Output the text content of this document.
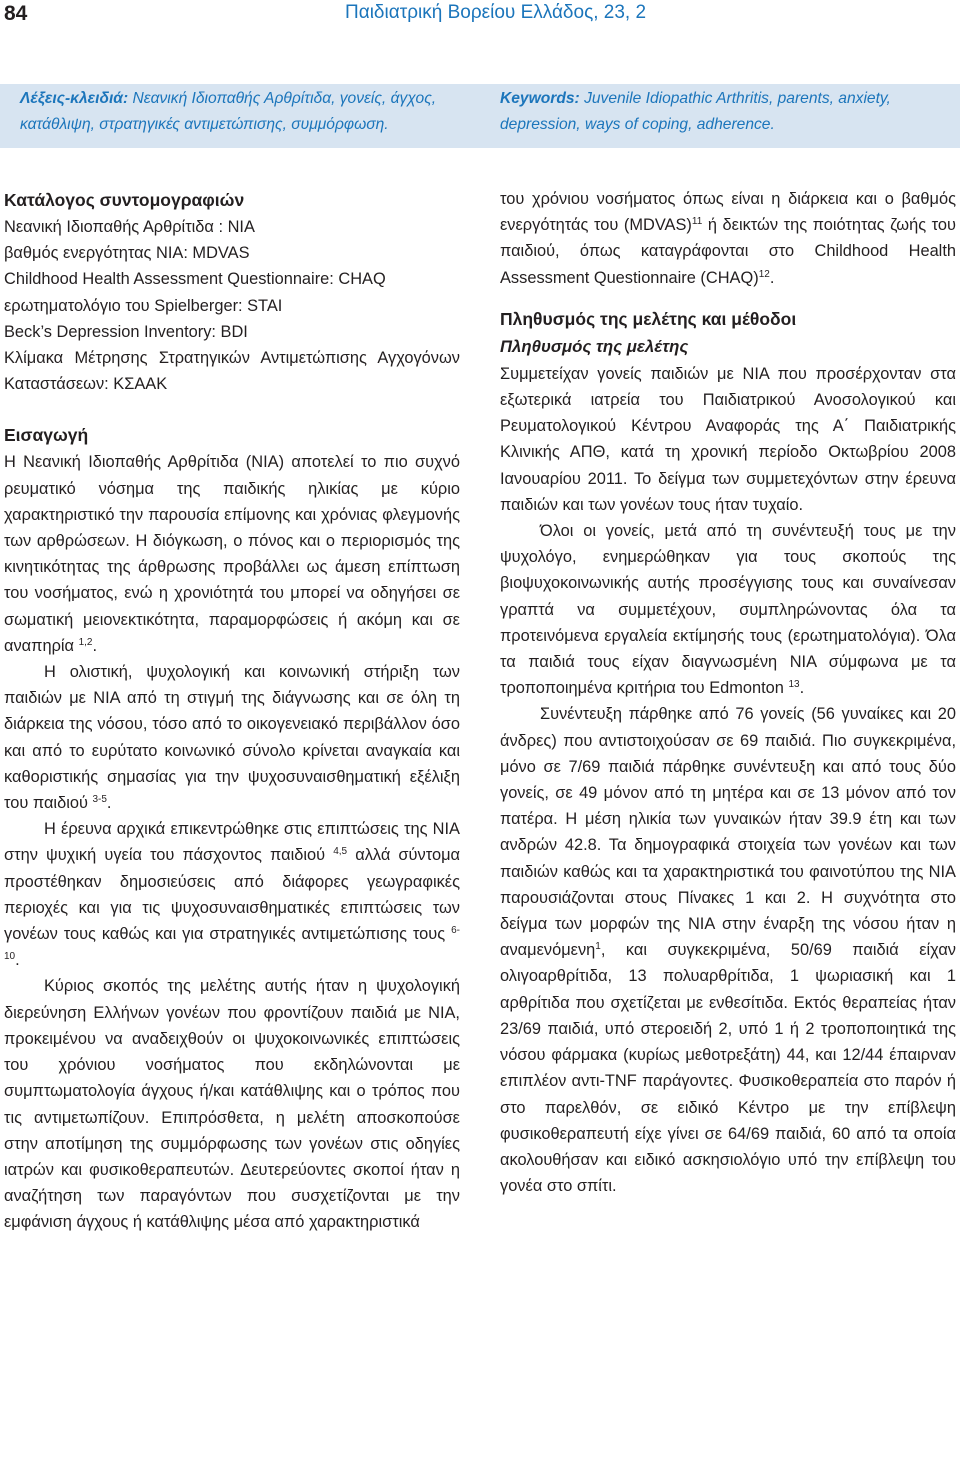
84	Παιδιατρική Βορείου Ελλάδος, 23, 2
Λέξεις-κλειδιά: Νεανική Ιδιοπαθής Αρθρίτιδα, γονείς, άγχος, κατάθλιψη, στρατηγικές αντιμετώπισης, συμμόρφωση.
Keywords: Juvenile Idiopathic Arthritis, parents, anxiety, depression, ways of coping, adherence.

Κατάλογος συντομογραφιών

Νεανική Ιδιοπαθής Αρθρίτιδα : ΝΙΑ

βαθμός ενεργότητας ΝΙΑ: MDVAS

Childhood Health Assessment Questionnaire: CHAQ

ερωτηματολόγιο του Spielberger: STAI

Beck’s Depression Inventory: BDI

Κλίμακα Μέτρησης Στρατηγικών Αντιμετώπισης Αγχογόνων Καταστάσεων: ΚΣΑΑΚ

Εισαγωγή

Η Νεανική Ιδιοπαθής Αρθρίτιδα (ΝΙΑ) αποτελεί το πιο συχνό ρευματικό νόσημα της παιδικής ηλικίας με κύριο χαρακτηριστικό την παρουσία επίμονης και χρόνιας φλεγμονής των αρθρώσεων. Η διόγκωση, ο πόνος και ο περιορισμός της κινητικότητας της άρθρωσης προβάλλει ως άμεση επίπτωση του νοσήματος, ενώ η χρονιότητά του μπορεί να οδηγήσει σε σωματική μειονεκτικότητα, παραμορφώσεις ή ακόμη και σε αναπηρία $^{1,2}$.

Η ολιστική, ψυχολογική και κοινωνική στήριξη των παιδιών με ΝΙΑ από τη στιγμή της διάγνωσης και σε όλη τη διάρκεια της νόσου, τόσο από το οικογενειακό περιβάλλον όσο και από το ευρύτατο κοινωνικό σύνολο κρίνεται αναγκαία και καθοριστικής σημασίας για την ψυχοσυναισθηματική εξέλιξη του παιδιού $^{3-5}$.

Η έρευνα αρχικά επικεντρώθηκε στις επιπτώσεις της ΝΙΑ στην ψυχική υγεία του πάσχοντος παιδιού $^{4,5}$ αλλά σύντομα προστέθηκαν δημοσιεύσεις από διάφορες γεωγραφικές περιοχές και για τις ψυχοσυναισθηματικές επιπτώσεις των γονέων τους καθώς και για στρατηγικές αντιμετώπισης τους $^{6-10}$.

Κύριος σκοπός της μελέτης αυτής ήταν η ψυχολογική διερεύνηση Ελλήνων γονέων που φροντίζουν παιδιά με ΝΙΑ, προκειμένου να αναδειχθούν οι ψυχοκοινωνικές επιπτώσεις του χρόνιου νοσήματος που εκδηλώνονται με συμπτωματολογία άγχους ή/και κατάθλιψης και ο τρόπος που τις αντιμετωπίζουν. Επιπρόσθετα, η μελέτη αποσκοπούσε στην αποτίμηση της συμμόρφωσης των γονέων στις οδηγίες ιατρών και φυσικοθεραπευτών. Δευτερεύοντες σκοποί ήταν η αναζήτηση των παραγόντων που συσχετίζονται με την εμφάνιση άγχους ή κατάθλιψης μέσα από χαρακτηριστικά

του χρόνιου νοσήματος όπως είναι η διάρκεια και ο βαθμός ενεργότητάς του (MDVAS)$^{11}$ ή δεικτών της ποιότητας ζωής του παιδιού, όπως καταγράφονται στο Childhood Health Assessment Questionnaire (CHAQ)$^{12}$.

Πληθυσμός της μελέτης και μέθοδοι

Πληθυσμός της μελέτης

Συμμετείχαν γονείς παιδιών με ΝΙΑ που προσέρχονταν στα εξωτερικά ιατρεία του Παιδιατρικού Ανοσολογικού και Ρευματολογικού Κέντρου Αναφοράς της Α΄ Παιδιατρικής Κλινικής ΑΠΘ, κατά τη χρονική περίοδο Οκτωβρίου 2008 Ιανουαρίου 2011. Το δείγμα των συμμετεχόντων στην έρευνα παιδιών και των γονέων τους ήταν τυχαίο.

Όλοι οι γονείς, μετά από τη συνέντευξή τους με την ψυχολόγο, ενημερώθηκαν για τους σκοπούς της βιοψυχοκοινωνικής αυτής προσέγγισης τους και συναίνεσαν γραπτά να συμμετέχουν, συμπληρώνοντας όλα τα προτεινόμενα εργαλεία εκτίμησής τους (ερωτηματολόγια). Όλα τα παιδιά τους είχαν διαγνωσμένη ΝΙΑ σύμφωνα με τα τροποποιημένα κριτήρια του Edmonton $^{13}$.

Συνέντευξη πάρθηκε από 76 γονείς (56 γυναίκες και 20 άνδρες) που αντιστοιχούσαν σε 69 παιδιά. Πιο συγκεκριμένα, μόνο σε 7/69 παιδιά πάρθηκε συνέντευξη και από τους δύο γονείς, σε 49 μόνον από τη μητέρα και σε 13 μόνον από τον πατέρα. Η μέση ηλικία των γυναικών ήταν 39.9 έτη και των ανδρών 42.8. Τα δημογραφικά στοιχεία των γονέων και των παιδιών καθώς και τα χαρακτηριστικά του φαινοτύπου της ΝΙΑ παρουσιάζονται στους Πίνακες 1 και 2. Η συχνότητα στο δείγμα των μορφών της ΝΙΑ στην έναρξη της νόσου ήταν η αναμενόμενη$^1$, και συγκεκριμένα, 50/69 παιδιά είχαν ολιγοαρθρίτιδα, 13 πολυαρθρίτιδα, 1 ψωριασική και 1 αρθρίτιδα που σχετίζεται με ενθεσίτιδα. Εκτός θεραπείας ήταν 23/69 παιδιά, υπό στεροειδή 2, υπό 1 ή 2 τροποποιητικά της νόσου φάρμακα (κυρίως μεθοτρεξάτη) 44, και 12/44 έπαιρναν επιπλέον αντι-TNF παράγοντες. Φυσικοθεραπεία στο παρόν ή στο παρελθόν, σε ειδικό Κέντρο με την επίβλεψη φυσικοθεραπευτή είχε γίνει σε 64/69 παιδιά, 60 από τα οποία ακολουθήσαν και ειδικό ασκησιολόγιο υπό την επίβλεψη του γονέα στο σπίτι.
